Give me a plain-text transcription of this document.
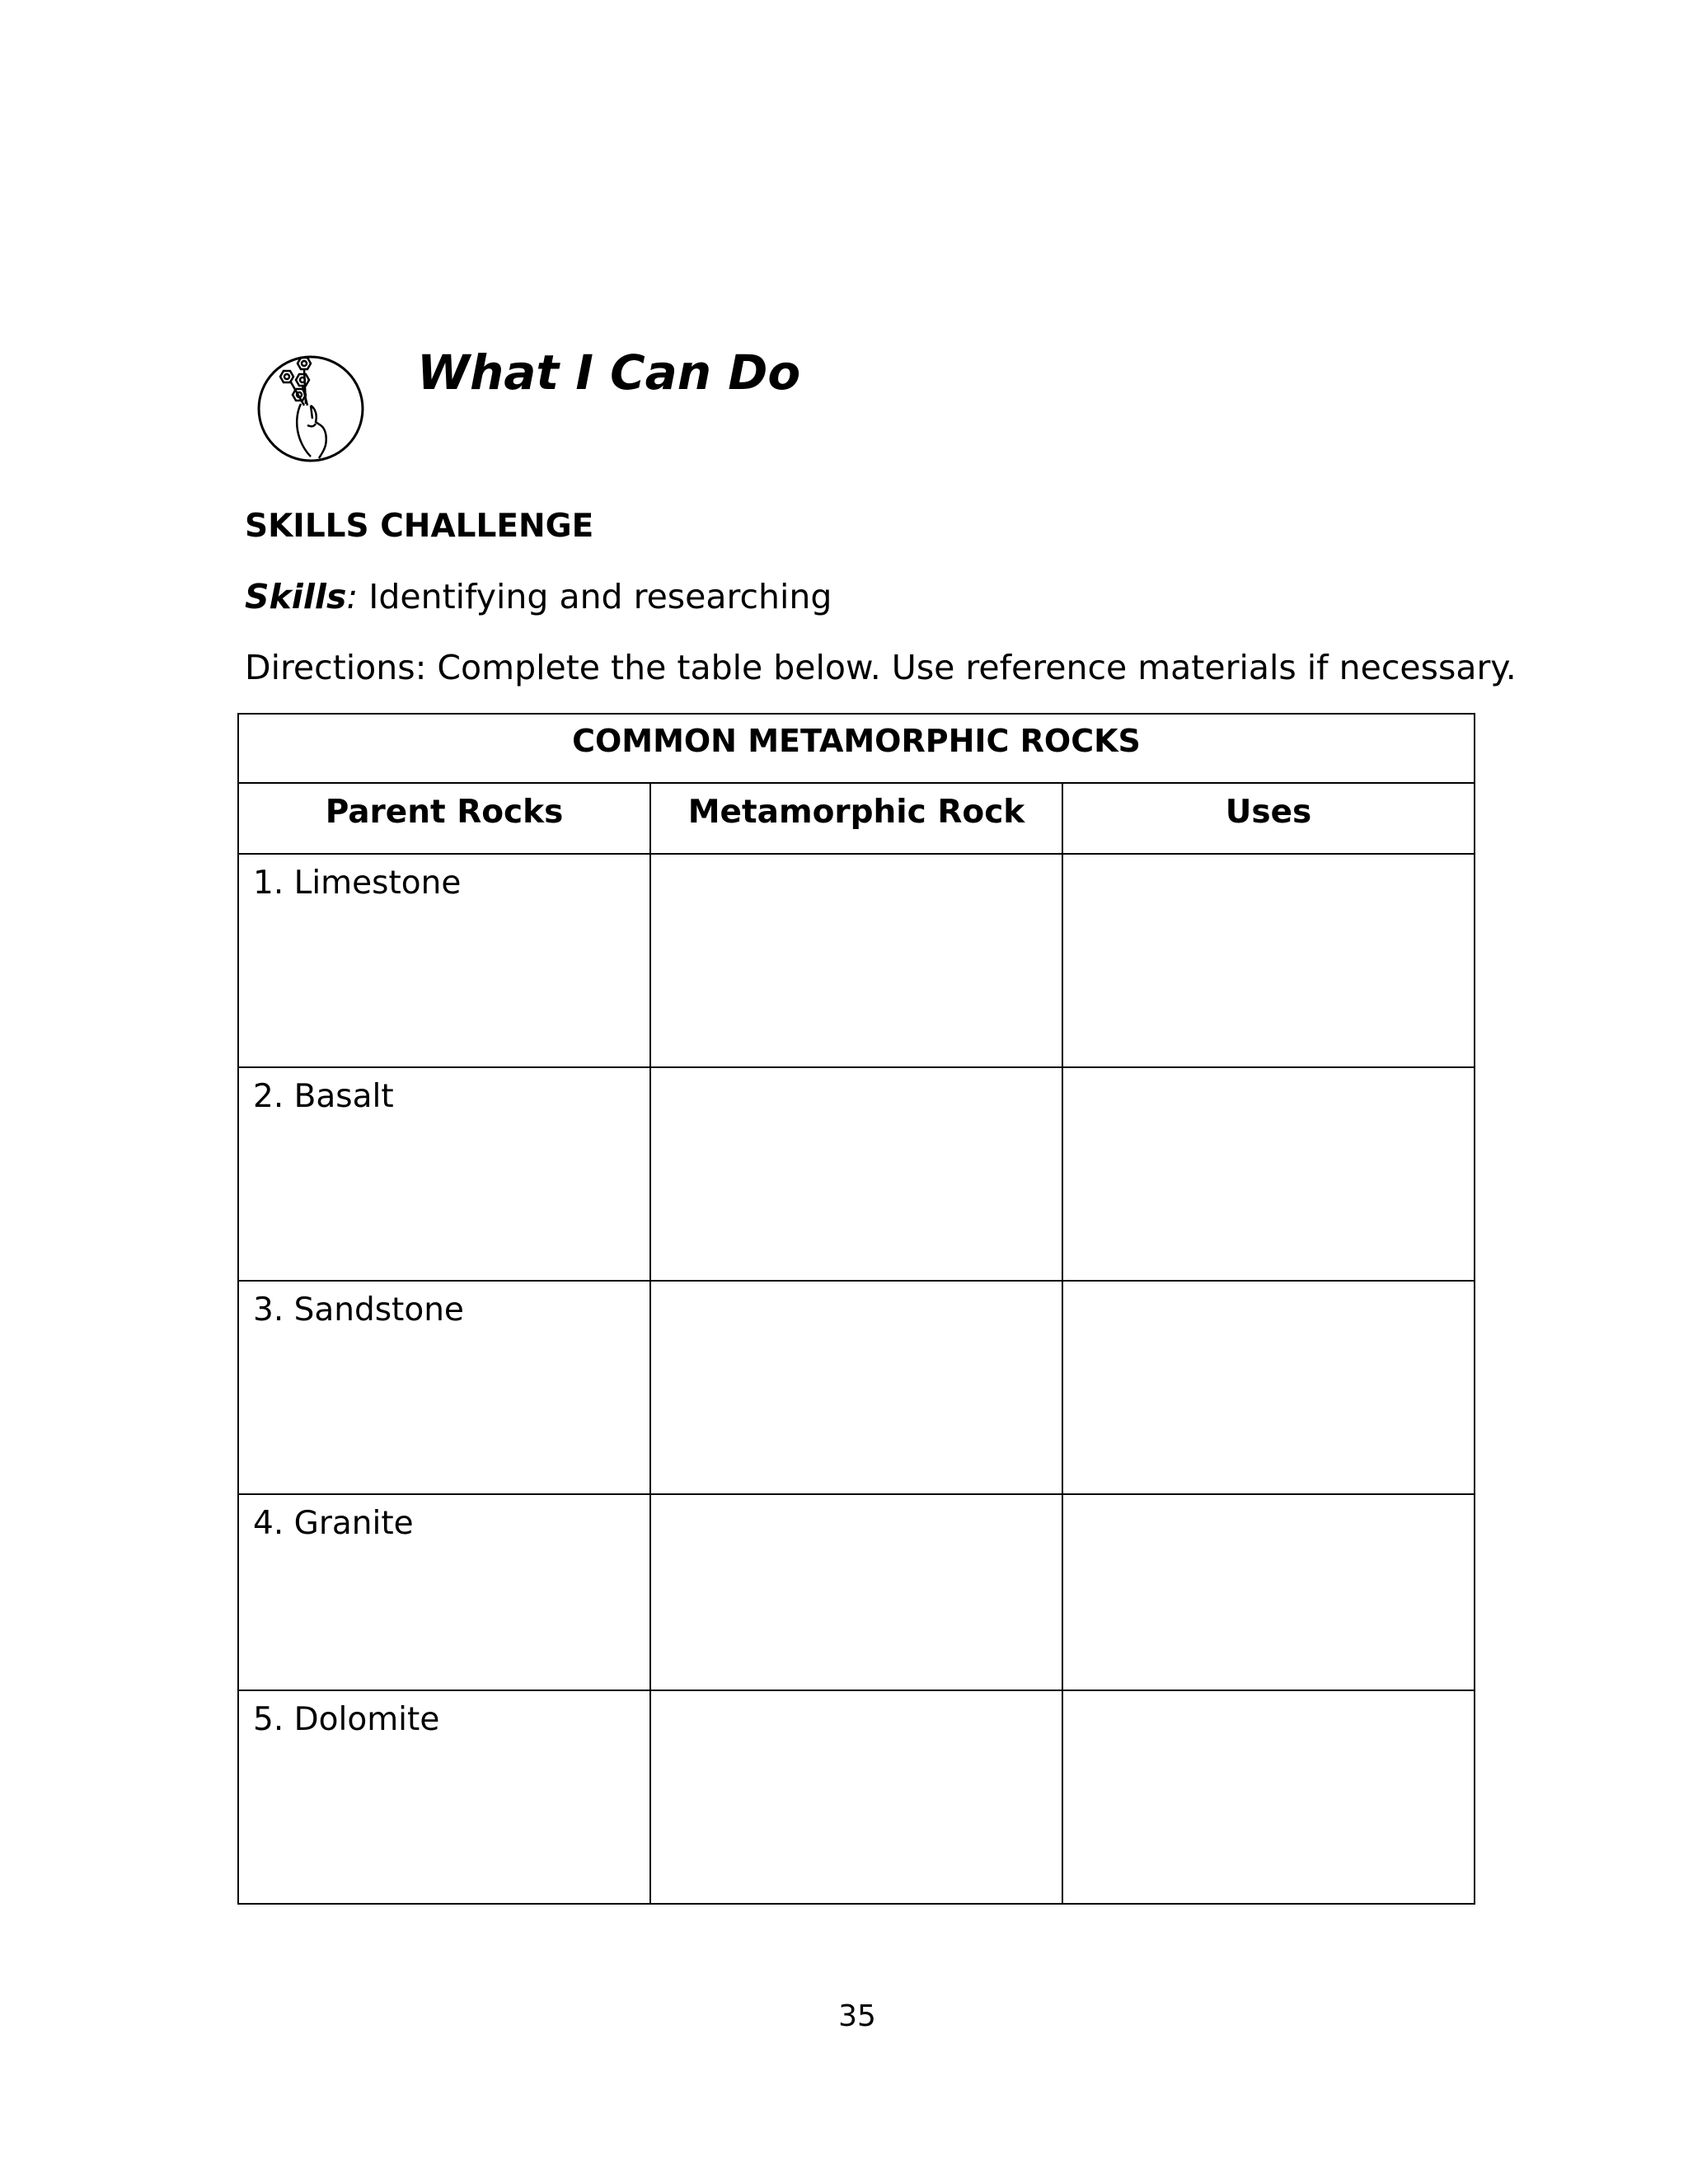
What I Can Do
SKILLS CHALLENGE

Skills: Identifying and researching

Directions: Complete the table below. Use reference materials if necessary.

COMMON METAMORPHIC ROCKS		
Parent Rocks	Metamorphic Rock	Uses
1. Limestone		
2. Basalt		
3. Sandstone		
4. Granite		
5. Dolomite		

35
